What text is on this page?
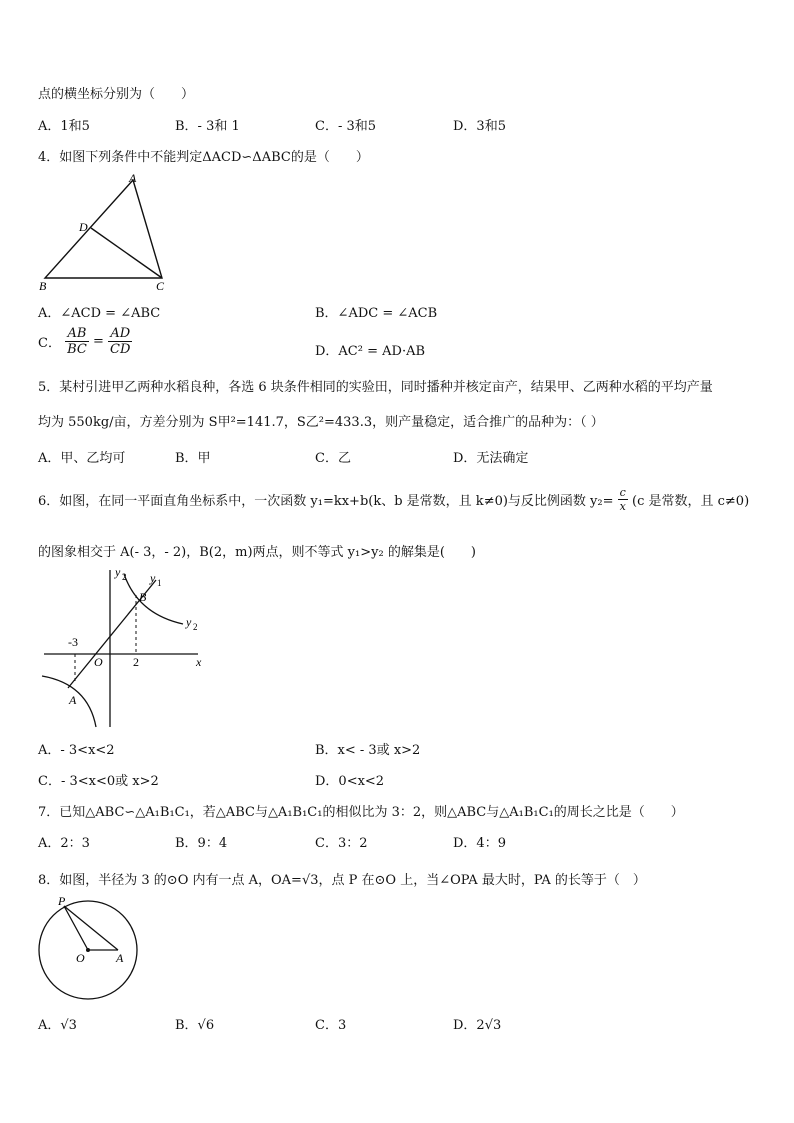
点的横坐标分别为（　　）
A．1和5	B．- 3和 1	C．- 3和5	D．3和5
4．如图下列条件中不能判定ΔACD∽ΔABC的是（　　）
A
D
B	C
A．∠ACD = ∠ABC	B．∠ADC = ∠ACB
C． $\frac{AB}{BC} = \frac{AD}{CD}$	D．AC² = AD·AB
5．某村引进甲乙两种水稻良种，各选 6 块条件相同的实验田，同时播种并核定亩产，结果甲、乙两种水稻的平均产量
均为 550kg/亩，方差分别为 S甲²=141.7，S乙²=433.3，则产量稳定，适合推广的品种为：（ ）
A．甲、乙均可	B．甲	C．乙	D．无法确定
6．如图，在同一平面直角坐标系中，一次函数 y₁=kx+b(k、b 是常数，且 k≠0)与反比例函数 $y_2= \frac{c}{x} (c$ 是常数，且 c≠0)
的图象相交于 A(- 3，- 2)，B(2，m)两点，则不等式 y₁>y₂ 的解集是(　　)
y 2 y 1
B
y 2
-3
O	2	x
A
A．- 3<x<2	B．x< - 3或 x>2
C．- 3<x<0或 x>2	D．0<x<2
7．已知△ABC∽△A₁B₁C₁，若△ABC与△A₁B₁C₁的相似比为 3：2，则△ABC与△A₁B₁C₁的周长之比是（　　）
A．2：3	B．9：4	C．3：2	D．4：9
8．如图，半径为 3 的⊙O 内有一点 A，OA=√3，点 P 在⊙O 上，当∠OPA 最大时，PA 的长等于（　）
P
O	A
A．√3	B．√6	C．3	D．2√3
